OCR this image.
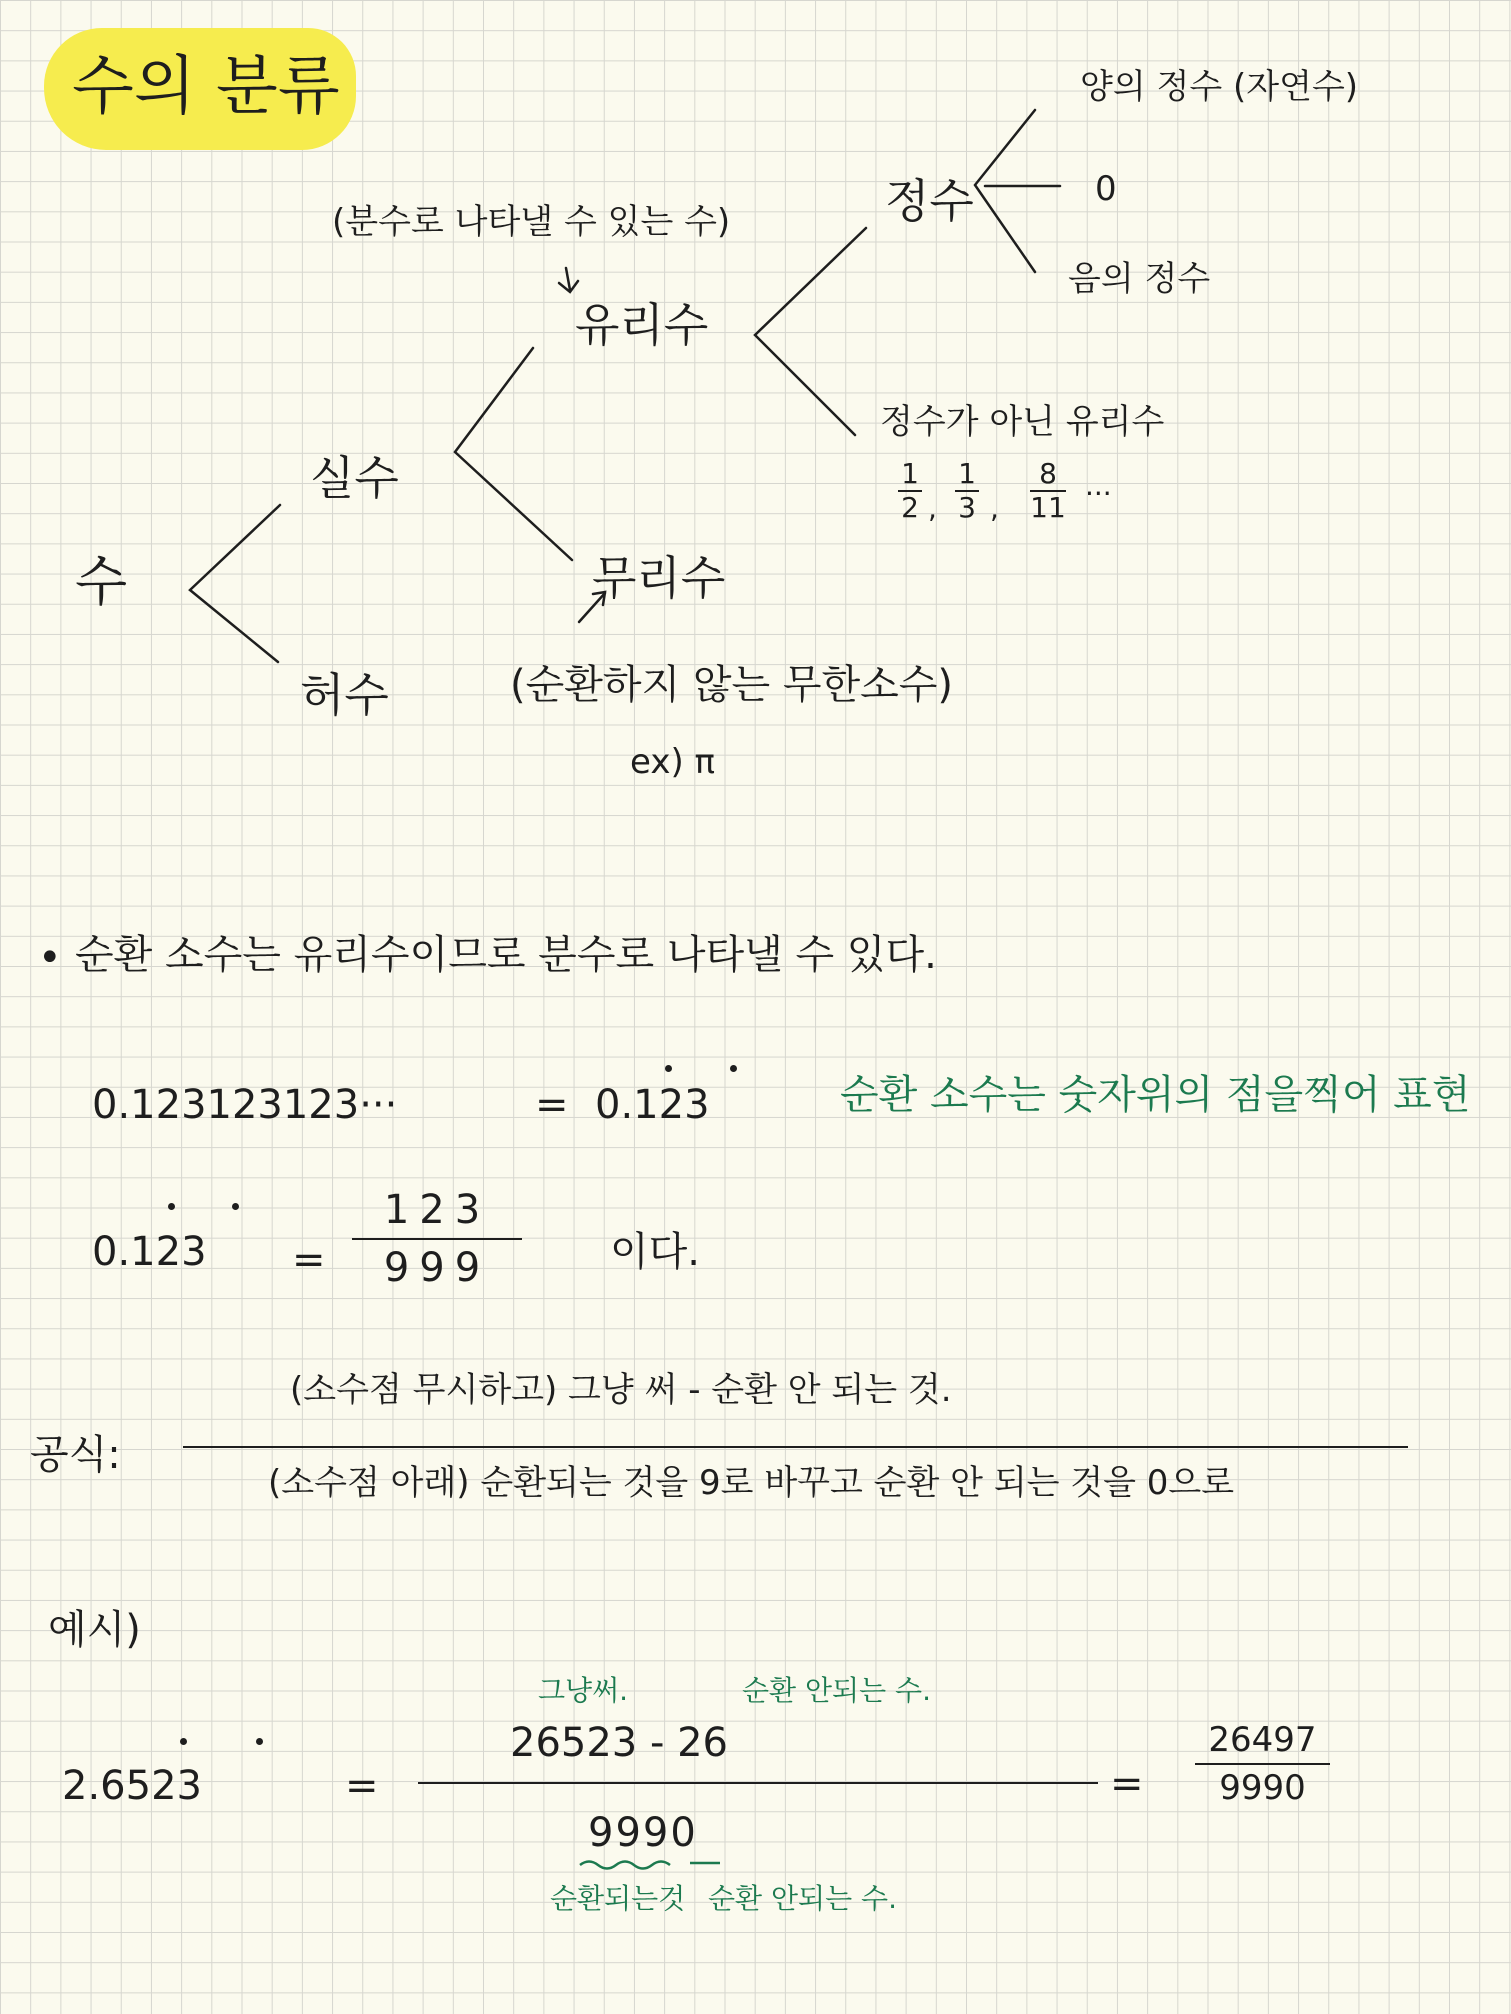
수의 분류
수
실수
허수
(분수로 나타낼 수 있는 수)
유리수
무리수
(순환하지 않는 무한소수)
ex) π
정수
양의 정수 (자연수)
0
음의 정수
정수가 아닌 유리수
1
2 ,
1
3 ,
8
11 ···
• 순환 소수는 유리수이므로 분수로 나타낼 수 있다.
0.123123123···	= 0.123	순환 소수는 숫자위의 점을찍어 표현
0.123 =
123
999	이다.
공식:
(소수점 무시하고) 그냥 써 - 순환 안 되는 것.
(소수점 아래) 순환되는 것을 9로 바꾸고 순환 안 되는 것을 0으로
예시)
2.6523	=
그냥써.	순환 안되는 수.
26523 - 26
9990
순환되는것 순환 안되는 수.
=
26497
9990
